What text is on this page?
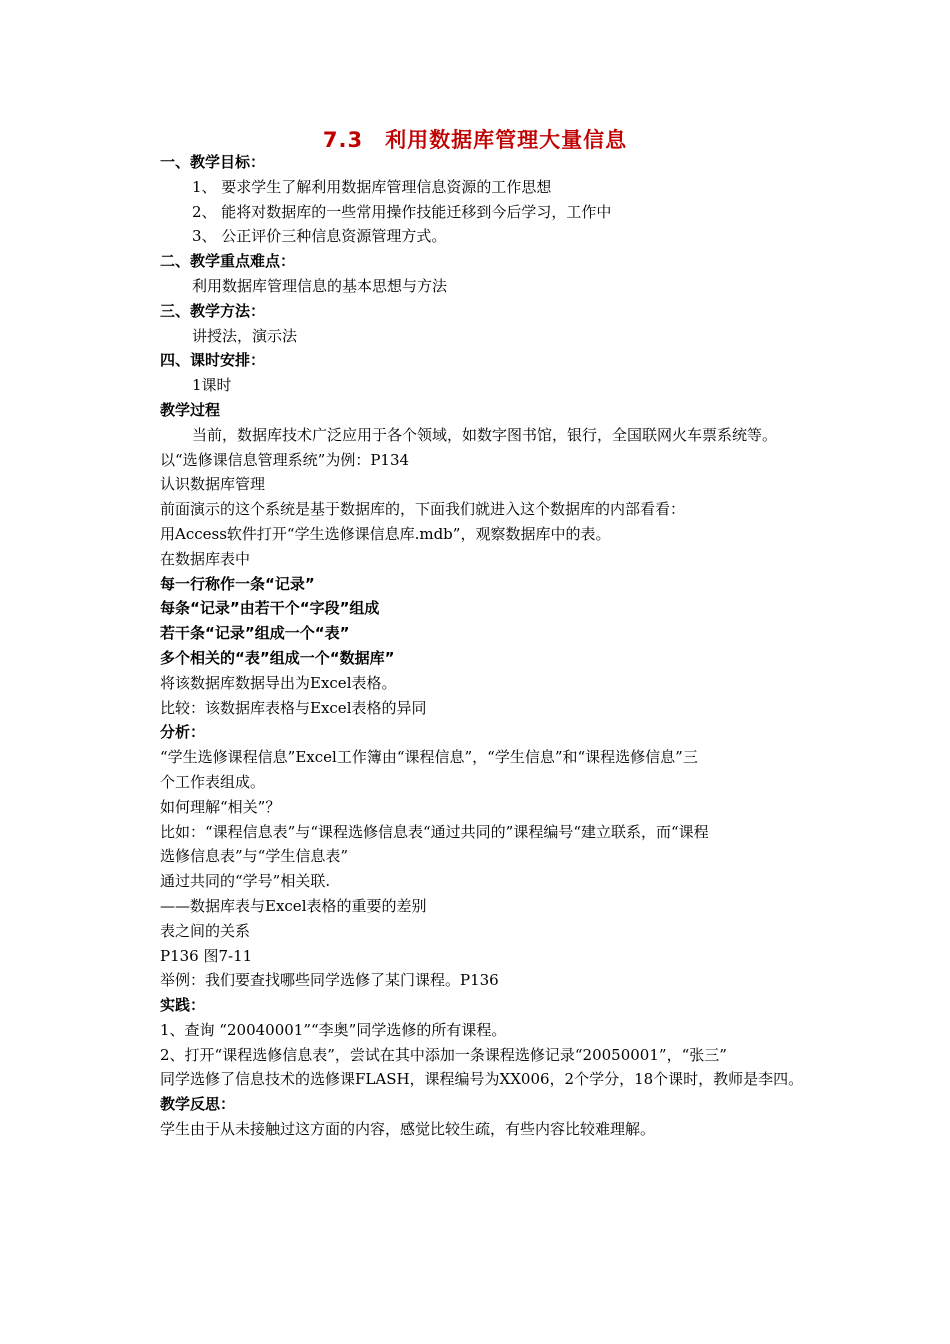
7.3　利用数据库管理大量信息
一、教学目标：
1、 要求学生了解利用数据库管理信息资源的工作思想
2、 能将对数据库的一些常用操作技能迁移到今后学习，工作中
3、 公正评价三种信息资源管理方式。
二、教学重点难点：
利用数据库管理信息的基本思想与方法
三、教学方法：
讲授法，演示法
四、课时安排：
1课时
教学过程
当前，数据库技术广泛应用于各个领域，如数字图书馆，银行，全国联网火车票系统等。
以“选修课信息管理系统”为例：P134
认识数据库管理
前面演示的这个系统是基于数据库的，下面我们就进入这个数据库的内部看看：
用Access软件打开“学生选修课信息库.mdb”，观察数据库中的表。
在数据库表中
每一行称作一条“记录”
每条“记录”由若干个“字段”组成
若干条“记录”组成一个“表”
多个相关的“表”组成一个“数据库”
将该数据库数据导出为Excel表格。
比较：该数据库表格与Excel表格的异同
分析：
“学生选修课程信息”Excel工作簿由“课程信息”，“学生信息”和“课程选修信息”三
个工作表组成。
如何理解“相关”？
比如：“课程信息表”与“课程选修信息表“通过共同的”课程编号“建立联系，而“课程
选修信息表”与“学生信息表”
通过共同的“学号”相关联.
——数据库表与Excel表格的重要的差别
表之间的关系
P136 图7-11
举例：我们要查找哪些同学选修了某门课程。P136
实践：
1、查询 “20040001”“李奥”同学选修的所有课程。
2、打开“课程选修信息表”，尝试在其中添加一条课程选修记录“20050001”，“张三”
同学选修了信息技术的选修课FLASH，课程编号为XX006，2个学分，18个课时，教师是李四。
教学反思：
学生由于从未接触过这方面的内容，感觉比较生疏，有些内容比较难理解。
